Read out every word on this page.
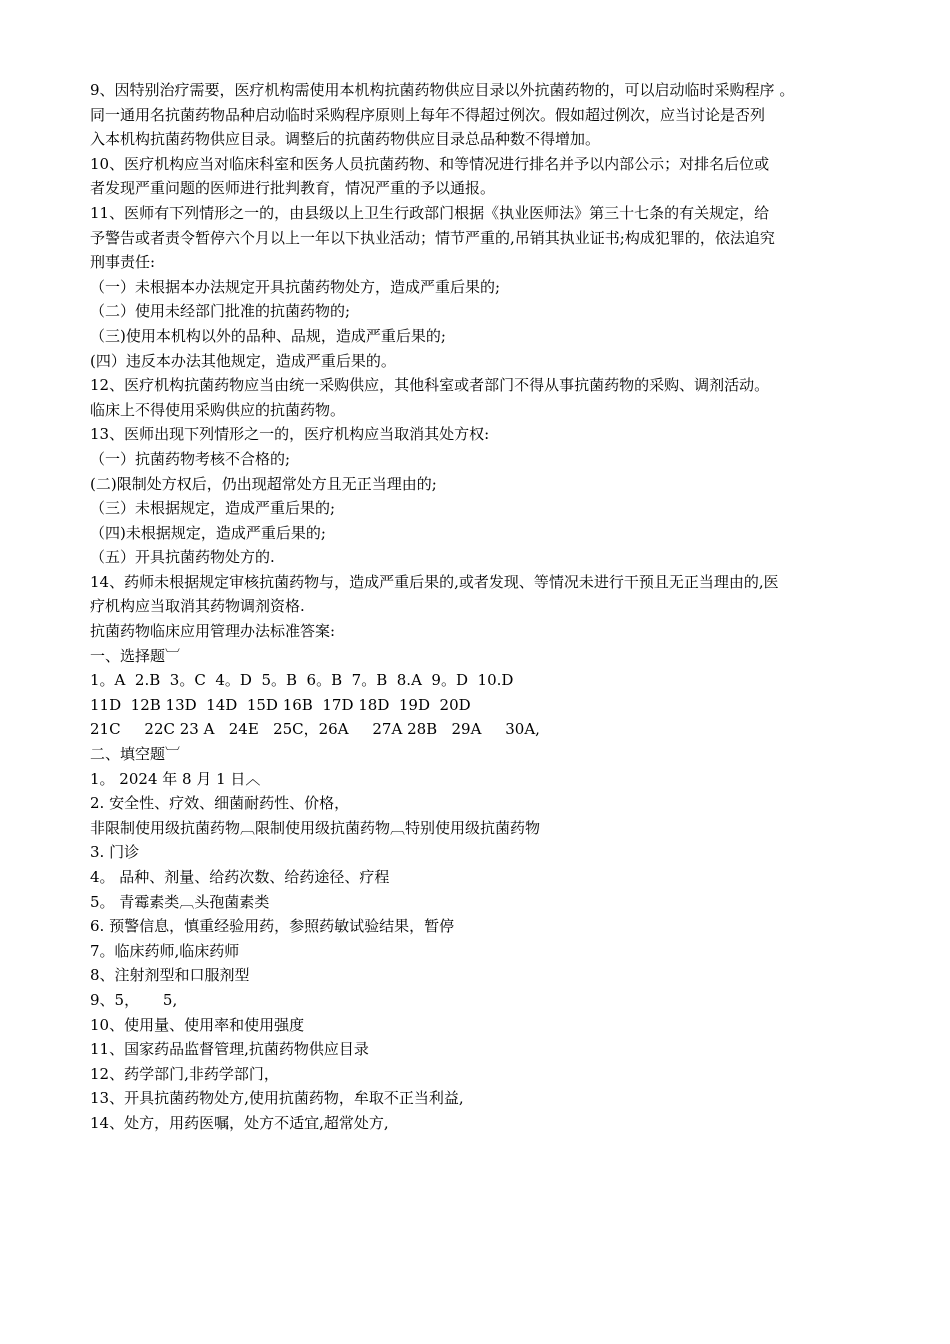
9、因特别治疗需要，医疗机构需使用本机构抗菌药物供应目录以外抗菌药物的，可以启动临时采购程序 。
同一通用名抗菌药物品种启动临时采购程序原则上每年不得超过例次。假如超过例次，应当讨论是否列
入本机构抗菌药物供应目录。调整后的抗菌药物供应目录总品种数不得增加。
10、医疗机构应当对临床科室和医务人员抗菌药物、和等情况进行排名并予以内部公示；对排名后位或
者发现严重问题的医师进行批判教育，情况严重的予以通报。
11、医师有下列情形之一的，由县级以上卫生行政部门根据《执业医师法》第三十七条的有关规定，给
予警告或者责令暂停六个月以上一年以下执业活动；情节严重的,吊销其执业证书;构成犯罪的，依法追究
刑事责任:
（一）未根据本办法规定开具抗菌药物处方，造成严重后果的;
（二）使用未经部门批准的抗菌药物的;
（三)使用本机构以外的品种、品规，造成严重后果的;
(四）违反本办法其他规定，造成严重后果的。
12、医疗机构抗菌药物应当由统一采购供应，其他科室或者部门不得从事抗菌药物的采购、调剂活动。
临床上不得使用采购供应的抗菌药物。
13、医师出现下列情形之一的，医疗机构应当取消其处方权:
（一）抗菌药物考核不合格的;
(二)限制处方权后，仍出现超常处方且无正当理由的;
（三）未根据规定，造成严重后果的;
（四)未根据规定，造成严重后果的;
（五）开具抗菌药物处方的.
14、药师未根据规定审核抗菌药物与，造成严重后果的,或者发现、等情况未进行干预且无正当理由的,医
疗机构应当取消其药物调剂资格.
抗菌药物临床应用管理办法标准答案:
一、选择题︺
1。A  2.B  3。C  4。D  5。B  6。B  7。B  8.A  9。D  10.D
11D  12B 13D  14D  15D 16B  17D 18D  19D  20D
21C     22C 23 A   24E   25C，26A     27A 28B   29A     30A,
二、填空题︺
1。 2024 年 8 月 1 日︿
2. 安全性、疗效、细菌耐药性、价格，
非限制使用级抗菌药物︹限制使用级抗菌药物︹特别使用级抗菌药物
3. 门诊
4。 品种、剂量、给药次数、给药途径、疗程
5。 青霉素类︹头孢菌素类
6. 预警信息，慎重经验用药，参照药敏试验结果，暂停
7。临床药师,临床药师
8、注射剂型和口服剂型
9、5，     5,
10、使用量、使用率和使用强度
11、国家药品监督管理,抗菌药物供应目录
12、药学部门,非药学部门，
13、开具抗菌药物处方,使用抗菌药物，牟取不正当利益,
14、处方，用药医嘱，处方不适宜,超常处方,
